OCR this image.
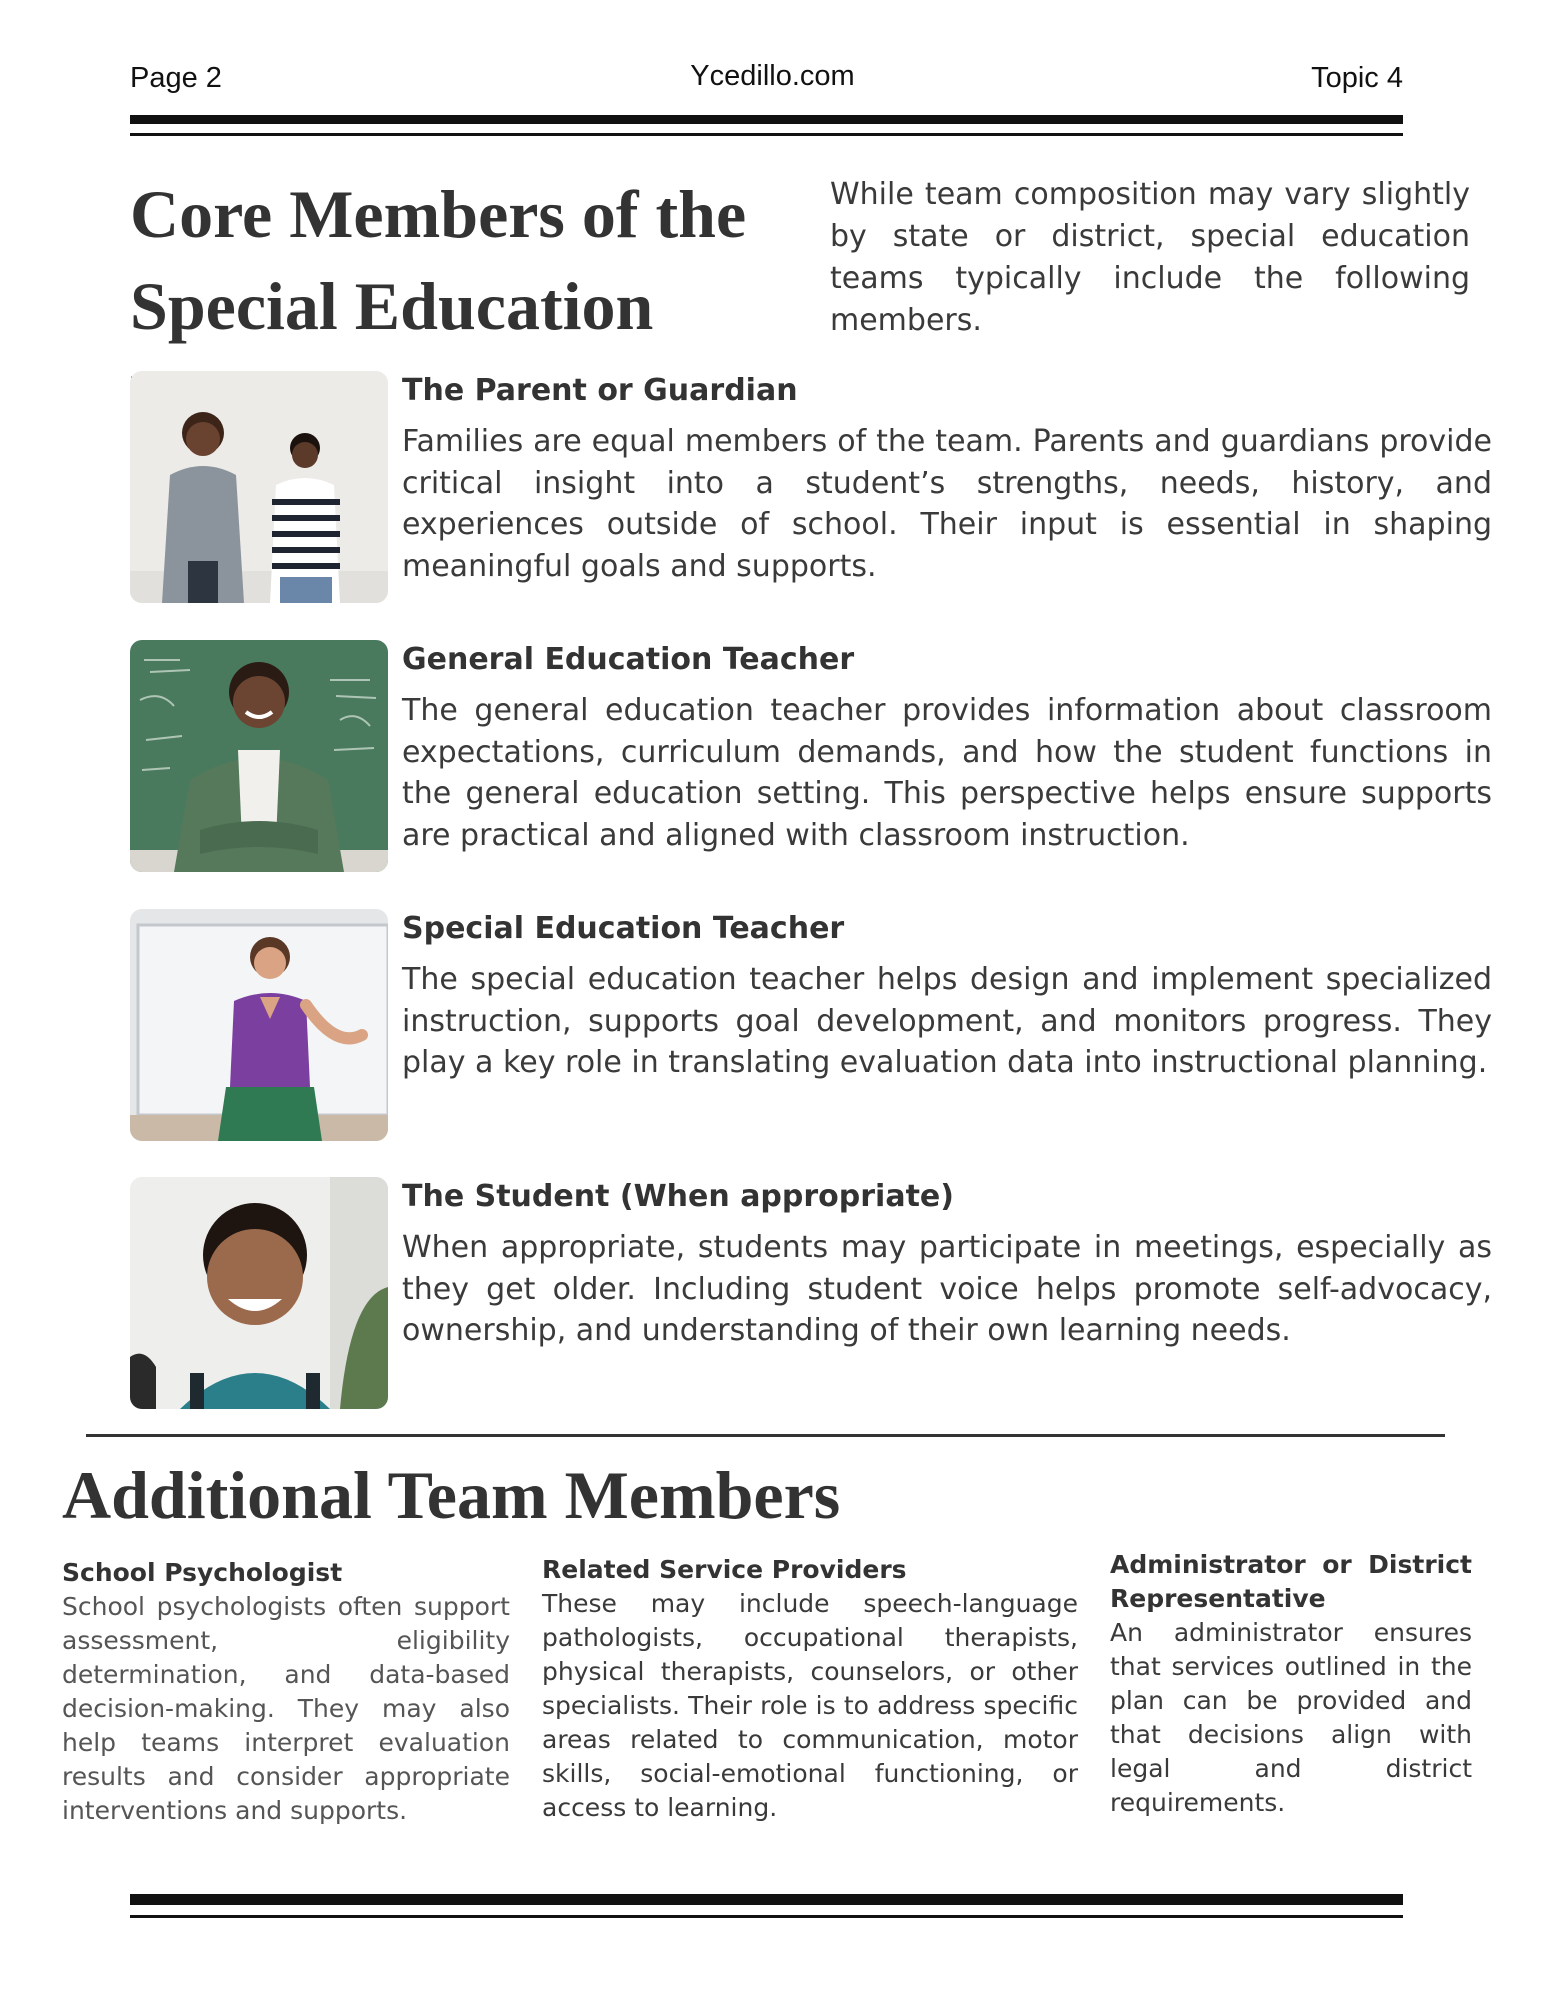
Page 2	Ycedillo.com	Topic 4
Core Members of the
Special Education

While team composition may vary slightly by state or district, special education teams typically include the following members.

The Parent or Guardian
Families are equal members of the team. Parents and guardians provide critical insight into a student’s strengths, needs, history, and experiences outside of school. Their input is essential in shaping meaningful goals and supports.
General Education Teacher
The general education teacher provides information about classroom expectations, curriculum demands, and how the student functions in the general education setting. This perspective helps ensure supports are practical and aligned with classroom instruction.
Special Education Teacher
The special education teacher helps design and implement specialized instruction, supports goal development, and monitors progress. They play a key role in translating evaluation data into instructional planning.
The Student (When appropriate)
When appropriate, students may participate in meetings, especially as they get older. Including student voice helps promote self-advocacy, ownership, and understanding of their own learning needs.
Additional Team Members
School Psychologist
School psychologists often support assessment, eligibility determination, and data-based decision-making. They may also help teams interpret evaluation results and consider appropriate interventions and supports.
Related Service Providers
These may include speech-language pathologists, occupational therapists, physical therapists, counselors, or other specialists. Their role is to address specific areas related to communication, motor skills, social-emotional functioning, or access to learning.
Administrator or District Representative
An administrator ensures that services outlined in the plan can be provided and that decisions align with legal and district requirements.
